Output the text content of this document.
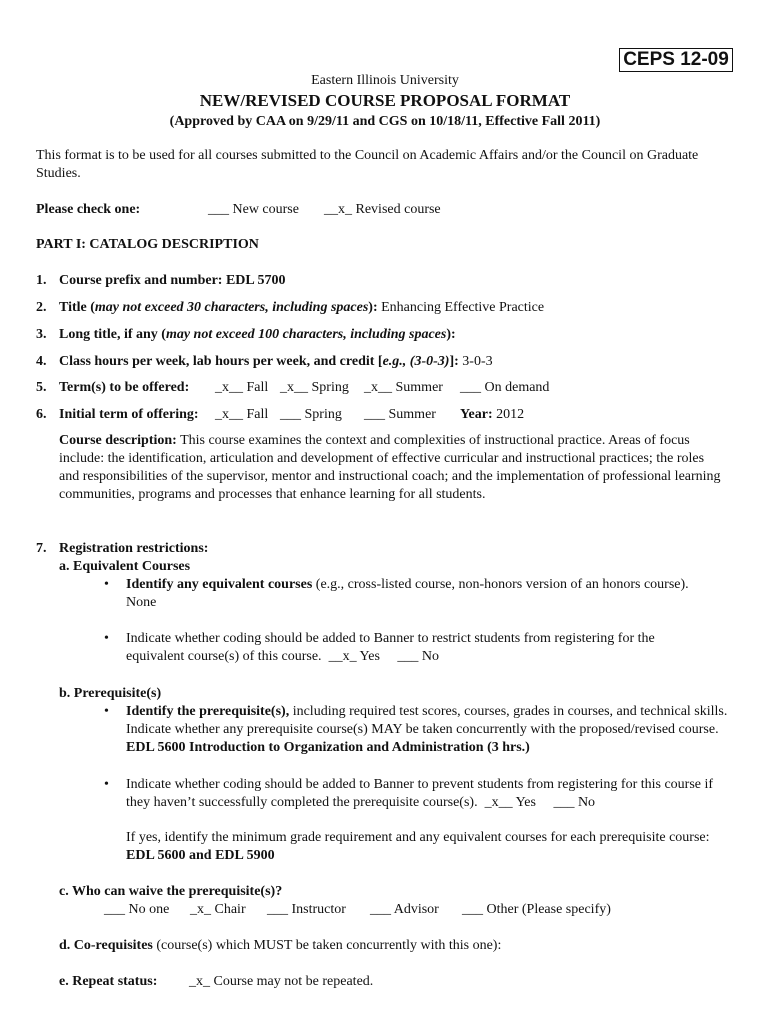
CEPS 12-09
Eastern Illinois University
NEW/REVISED COURSE PROPOSAL FORMAT
(Approved by CAA on 9/29/11 and CGS on 10/18/11, Effective Fall 2011)
This format is to be used for all courses submitted to the Council on Academic Affairs and/or the Council on Graduate Studies.
Please check one:	___ New course __x_ Revised course
PART I: CATALOG DESCRIPTION
1. Course prefix and number: EDL 5700
2. Title (may not exceed 30 characters, including spaces): Enhancing Effective Practice
3. Long title, if any (may not exceed 100 characters, including spaces):
4. Class hours per week, lab hours per week, and credit [e.g., (3-0-3)]: 3-0-3
5. Term(s) to be offered: _x__ Fall _x__ Spring _x__ Summer ___ On demand
6. Initial term of offering: _x__ Fall ___ Spring ___ Summer Year: 2012
Course description: This course examines the context and complexities of instructional practice. Areas of focus include: the identification, articulation and development of effective curricular and instructional practices; the roles and responsibilities of the supervisor, mentor and instructional coach; and the implementation of professional learning communities, programs and processes that enhance learning for all students.
7. Registration restrictions:
a. Equivalent Courses
• Identify any equivalent courses (e.g., cross-listed course, non-honors version of an honors course).
None
• Indicate whether coding should be added to Banner to restrict students from registering for the equivalent course(s) of this course. __x_ Yes ___ No
b. Prerequisite(s)
• Identify the prerequisite(s), including required test scores, courses, grades in courses, and technical skills. Indicate whether any prerequisite course(s) MAY be taken concurrently with the proposed/revised course.  EDL 5600 Introduction to Organization and Administration (3 hrs.)
• Indicate whether coding should be added to Banner to prevent students from registering for this course if they haven’t successfully completed the prerequisite course(s). _x__ Yes ___ No
If yes, identify the minimum grade requirement and any equivalent courses for each prerequisite course:  EDL 5600 and EDL 5900
c. Who can waive the prerequisite(s)?
___ No one _x_ Chair ___ Instructor ___ Advisor ___ Other (Please specify)
d. Co-requisites (course(s) which MUST be taken concurrently with this one):
e. Repeat status: _x_ Course may not be repeated.
